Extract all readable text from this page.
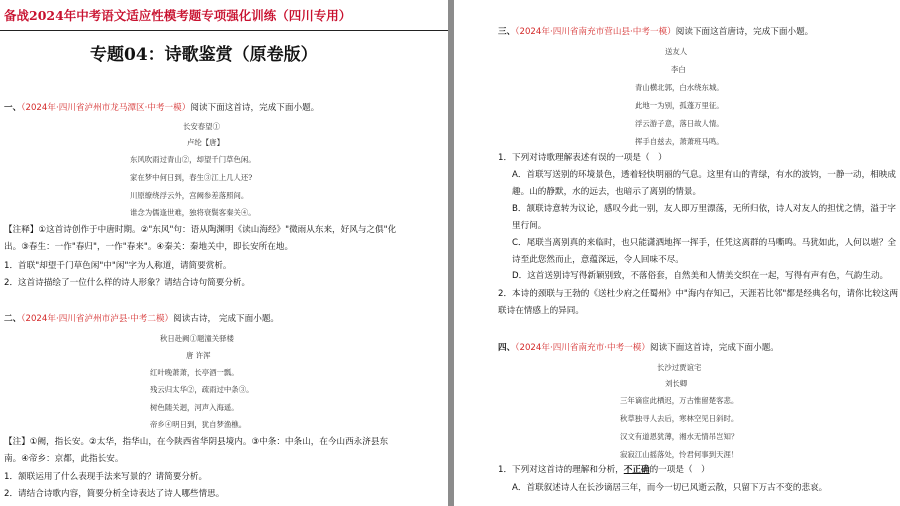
备战2024年中考语文适应性模考题专项强化训练（四川专用）
专题04：诗歌鉴赏（原卷版）
一、（2024年·四川省泸州市龙马潭区·中考一模）阅读下面这首诗，完成下面小题。
长安春望①
卢纶【唐】
东风吹雨过青山②，却望千门草色闲。
家在梦中何日到，春生③江上几人还?
川原缭绕浮云外，宫阙参差落照间。
谁念为儒逢世难，独将衰鬓客秦关④。
【注释】①这首诗创作于中唐时期。②"东风"句：语从陶渊明《读山海经》"微雨从东来，好风与之俱"化
出。③春生：一作"春归"，一作"春来"。④秦关：秦地关中，即长安所在地。
1．首联"却望千门草色闲"中"闲"字为人称道，请简要赏析。
2．这首诗描绘了一位什么样的诗人形象？请结合诗句简要分析。
二、（2024年·四川省泸州市泸县·中考二模）阅读古诗， 完成下面小题。
秋日赴阙①题潼关驿楼
唐 许浑
红叶晚萧萧，长亭酒一瓢。
残云归太华②，疏雨过中条③。
树色随关迥，河声入海遥。
帝乡④明日到，犹自梦渔樵。
【注】①阙，指长安。②太华，指华山，在今陕西省华阴县境内。③中条：中条山，在今山西永济县东
南。④帝乡：京都，此指长安。
1．颔联运用了什么表现手法来写景的？请简要分析。
2．请结合诗歌内容，简要分析全诗表达了诗人哪些情思。
三、（2024年·四川省南充市营山县·中考一模）阅读下面这首唐诗，完成下面小题。
送友人
李白
青山横北郭，白水绕东城。
此地一为别，孤蓬万里征。
浮云游子意，落日故人情。
挥手自兹去，萧萧班马鸣。
1．下列对诗歌理解表述有误的一项是（　）
A．首联写送别的环境景色，透着轻快明丽的气息。这里有山的青绿，有水的波钧，一静一动，相映成
趣。山的静默，水的远去，也暗示了离别的情景。
B．颔联诗意转为议论，感叹今此一别，友人即万里漂荡，无所归依，诗人对友人的担忧之情，溢于字
里行间。
C．尾联当离别真的来临时，也只能潇洒地挥一挥手，任凭这离群的马嘶鸣。马犹如此，人何以堪？全
诗至此您然而止，意蕴深远，令人回味不尽。
D．这首送别诗写得新颖别致，不落俗套，自然美和人情美交织在一起，写得有声有色，气韵生动。
2．本诗的颈联与王勃的《送杜少府之任蜀州》中"海内存知己，天涯若比邻"都是经典名句，请你比较这两
联诗在情感上的异同。
四、（2024年·四川省南充市·中考一模）阅读下面这首诗，完成下面小题。
长沙过贾谊宅
刘长卿
三年谪宦此栖迟，万古惟留楚客悲。
秋草独寻人去后，寒林空见日斜时。
汉文有道恩犹薄，湘水无情吊岂知？
寂寂江山摇落处，怜君何事到天涯！
1．下列对这首诗的理解和分析，不正确的一项是（　）
A．首联叙述诗人在长沙谪居三年，而今一切已风逝云散，只留下万古不变的悲哀。
